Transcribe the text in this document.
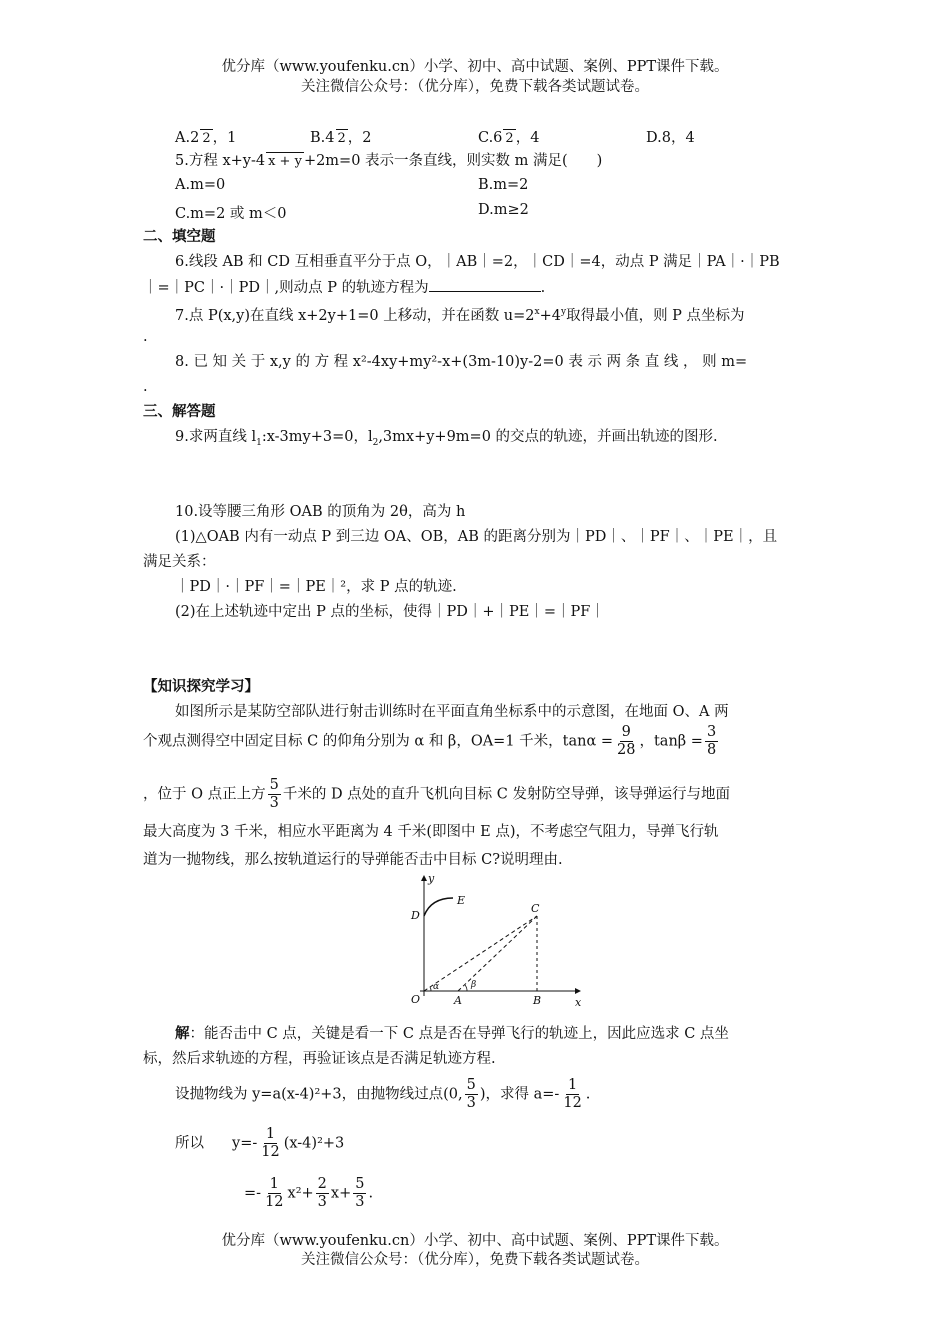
优分库（www.youfenku.cn）小学、初中、高中试题、案例、PPT课件下载。
关注微信公众号：（优分库），免费下载各类试题试卷。
A.2 2 ，1	B.4 2 ，2	C.6 2 ，4	D.8，4
5.方程 x+y-4 x + y +2m=0 表示一条直线，则实数 m 满足(　　)
A.m=0	B.m=2
C.m=2 或 m＜0	D.m≥2
二、填空题
6.线段 AB 和 CD 互相垂直平分于点 O，｜AB｜=2，｜CD｜=4，动点 P 满足｜PA｜·｜PB
｜=｜PC｜·｜PD｜,则动点 P 的轨迹方程为	.
7.点 P(x,y)在直线 x+2y+1=0 上移动，并在函数 $u=2^x+4^y$取得最小值，则 P 点坐标为
.
8. 已 知 关 于 x,y 的 方 程 x²-4xy+my²-x+(3m-10)y-2=0 表 示 两 条 直 线 ， 则 m=
.
三、解答题
9.求两直线 $l_1:x-3my+3=0$，$l_2,3mx+y+9m=0$ 的交点的轨迹，并画出轨迹的图形.
10.设等腰三角形 OAB 的顶角为 2θ，高为 h
(1)△OAB 内有一动点 P 到三边 OA、OB，AB 的距离分别为｜PD｜、｜PF｜、｜PE｜，且
满足关系：
｜PD｜·｜PF｜=｜PE｜²，求 P 点的轨迹.
(2)在上述轨迹中定出 P 点的坐标，使得｜PD｜+｜PE｜=｜PF｜
【知识探究学习】
如图所示是某防空部队进行射击训练时在平面直角坐标系中的示意图，在地面 O、A 两
个观点测得空中固定目标 C 的仰角分别为 α 和 β，OA=1 千米，$\tan\alpha = \frac{9}{28}$ ，$\tan\beta = \frac{3}{8}$
，位于 O 点正上方 $\frac{5}{3}$ 千米的 D 点处的直升飞机向目标 C 发射防空导弹，该导弹运行与地面
最大高度为 3 千米，相应水平距离为 4 千米(即图中 E 点)，不考虑空气阻力，导弹飞行轨
道为一抛物线，那么按轨道运行的导弹能否击中目标 C?说明理由.
y
x
D
E
C
O	A	B
α	β
解：能否击中 C 点，关键是看一下 C 点是否在导弹飞行的轨迹上，因此应选求 C 点坐
标，然后求轨迹的方程，再验证该点是否满足轨迹方程.
设抛物线为 y=a(x-4)²+3，由抛物线过点(0, $\frac{5}{3}$ )，求得 $a=- \frac{1}{12}$ .
所以 $y=- \frac{1}{12} (x-4)^2+3$
=- $\frac{1}{12} x^2+ \frac{2}{3} x+ \frac{5}{3}$ .
优分库（www.youfenku.cn）小学、初中、高中试题、案例、PPT课件下载。
关注微信公众号：（优分库），免费下载各类试题试卷。
